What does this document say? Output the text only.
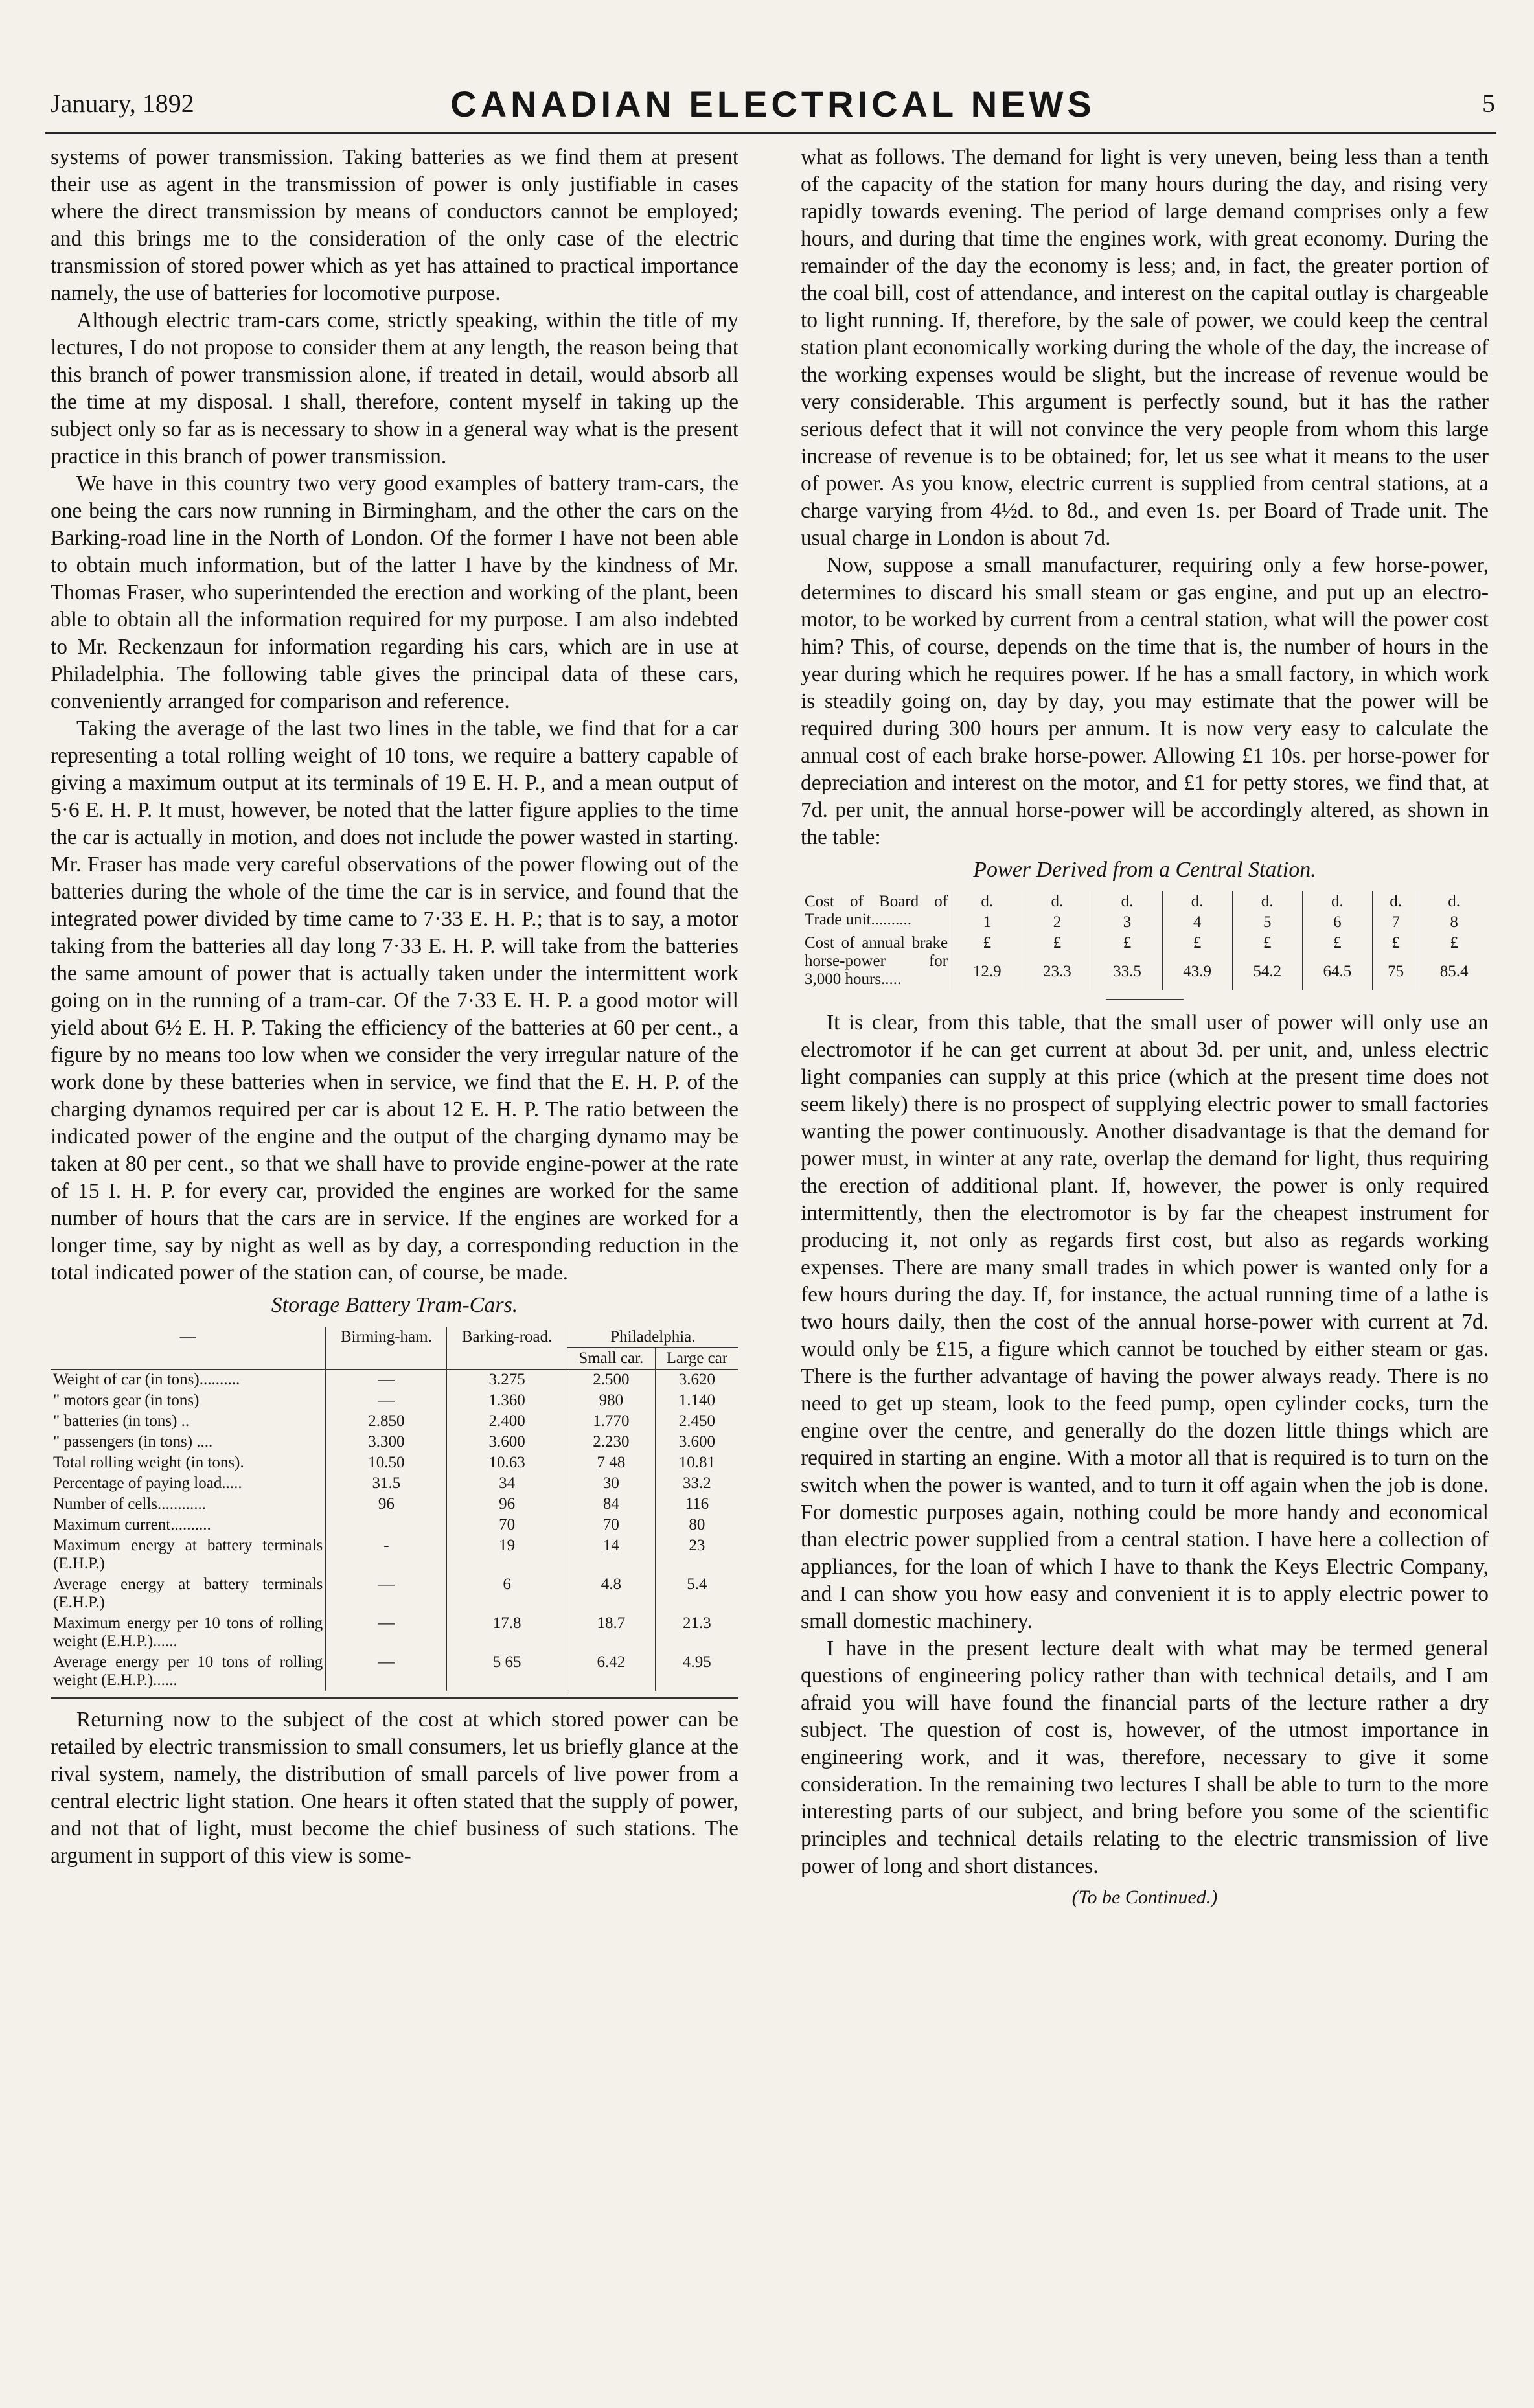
January, 1892	CANADIAN ELECTRICAL NEWS	5

systems of power transmission. Taking batteries as we find them at present their use as agent in the transmission of power is only justifiable in cases where the direct transmission by means of conductors cannot be employed; and this brings me to the consideration of the only case of the electric transmission of stored power which as yet has attained to practical importance namely, the use of batteries for locomotive purpose.

Although electric tram-cars come, strictly speaking, within the title of my lectures, I do not propose to consider them at any length, the reason being that this branch of power transmission alone, if treated in detail, would absorb all the time at my disposal. I shall, therefore, content myself in taking up the subject only so far as is necessary to show in a general way what is the present practice in this branch of power transmission.

We have in this country two very good examples of battery tram-cars, the one being the cars now running in Birmingham, and the other the cars on the Barking-road line in the North of London. Of the former I have not been able to obtain much information, but of the latter I have by the kindness of Mr. Thomas Fraser, who superintended the erection and working of the plant, been able to obtain all the information required for my purpose. I am also indebted to Mr. Reckenzaun for information regarding his cars, which are in use at Philadelphia. The following table gives the principal data of these cars, conveniently arranged for comparison and reference.

Taking the average of the last two lines in the table, we find that for a car representing a total rolling weight of 10 tons, we require a battery capable of giving a maximum output at its terminals of 19 E. H. P., and a mean output of 5·6 E. H. P. It must, however, be noted that the latter figure applies to the time the car is actually in motion, and does not include the power wasted in starting. Mr. Fraser has made very careful observations of the power flowing out of the batteries during the whole of the time the car is in service, and found that the integrated power divided by time came to 7·33 E. H. P.; that is to say, a motor taking from the batteries all day long 7·33 E. H. P. will take from the batteries the same amount of power that is actually taken under the intermittent work going on in the running of a tram-car. Of the 7·33 E. H. P. a good motor will yield about 6½ E. H. P. Taking the efficiency of the batteries at 60 per cent., a figure by no means too low when we consider the very irregular nature of the work done by these batteries when in service, we find that the E. H. P. of the charging dynamos required per car is about 12 E. H. P. The ratio between the indicated power of the engine and the output of the charging dynamo may be taken at 80 per cent., so that we shall have to provide engine-power at the rate of 15 I. H. P. for every car, provided the engines are worked for the same number of hours that the cars are in service. If the engines are worked for a longer time, say by night as well as by day, a corresponding reduction in the total indicated power of the station can, of course, be made.

Storage Battery Tram-Cars.
—	Birming-ham.	Barking-road.	Philadelphia.	
			Small car.	Large car
Weight of car (in tons)..........	—	3.275	2.500	3.620
" motors gear (in tons)	—	1.360	980	1.140
" batteries (in tons) ..	2.850	2.400	1.770	2.450
" passengers (in tons) ....	3.300	3.600	2.230	3.600
Total rolling weight (in tons).	10.50	10.63	7 48	10.81
Percentage of paying load.....	31.5	34	30	33.2
Number of cells............	96	96	84	116
Maximum current..........		70	70	80
Maximum energy at battery terminals (E.H.P.)	-	19	14	23
Average energy at battery terminals (E.H.P.)	—	6	4.8	5.4
Maximum energy per 10 tons of rolling weight (E.H.P.)......	—	17.8	18.7	21.3
Average energy per 10 tons of rolling weight (E.H.P.)......	—	5 65	6.42	4.95

Returning now to the subject of the cost at which stored power can be retailed by electric transmission to small consumers, let us briefly glance at the rival system, namely, the distribution of small parcels of live power from a central electric light station. One hears it often stated that the supply of power, and not that of light, must become the chief business of such stations. The argument in support of this view is some-

what as follows. The demand for light is very uneven, being less than a tenth of the capacity of the station for many hours during the day, and rising very rapidly towards evening. The period of large demand comprises only a few hours, and during that time the engines work, with great economy. During the remainder of the day the economy is less; and, in fact, the greater portion of the coal bill, cost of attendance, and interest on the capital outlay is chargeable to light running. If, therefore, by the sale of power, we could keep the central station plant economically working during the whole of the day, the increase of the working expenses would be slight, but the increase of revenue would be very considerable. This argument is perfectly sound, but it has the rather serious defect that it will not convince the very people from whom this large increase of revenue is to be obtained; for, let us see what it means to the user of power. As you know, electric current is supplied from central stations, at a charge varying from 4½d. to 8d., and even 1s. per Board of Trade unit. The usual charge in London is about 7d.

Now, suppose a small manufacturer, requiring only a few horse-power, determines to discard his small steam or gas engine, and put up an electro-motor, to be worked by current from a central station, what will the power cost him? This, of course, depends on the time that is, the number of hours in the year during which he requires power. If he has a small factory, in which work is steadily going on, day by day, you may estimate that the power will be required during 300 hours per annum. It is now very easy to calculate the annual cost of each brake horse-power. Allowing £1 10s. per horse-power for depreciation and interest on the motor, and £1 for petty stores, we find that, at 7d. per unit, the annual horse-power will be accordingly altered, as shown in the table:

Power Derived from a Central Station.
Cost of Board of Trade unit..........	d.	d.	d.	d.	d.	d.	d.	d.
	1	2	3	4	5	6	7	8
Cost of annual brake horse-power for 3,000 hours.....	£	£	£	£	£	£	£	£
	12.9	23.3	33.5	43.9	54.2	64.5	75	85.4

It is clear, from this table, that the small user of power will only use an electromotor if he can get current at about 3d. per unit, and, unless electric light companies can supply at this price (which at the present time does not seem likely) there is no prospect of supplying electric power to small factories wanting the power continuously. Another disadvantage is that the demand for power must, in winter at any rate, overlap the demand for light, thus requiring the erection of additional plant. If, however, the power is only required intermittently, then the electromotor is by far the cheapest instrument for producing it, not only as regards first cost, but also as regards working expenses. There are many small trades in which power is wanted only for a few hours during the day. If, for instance, the actual running time of a lathe is two hours daily, then the cost of the annual horse-power with current at 7d. would only be £15, a figure which cannot be touched by either steam or gas. There is the further advantage of having the power always ready. There is no need to get up steam, look to the feed pump, open cylinder cocks, turn the engine over the centre, and generally do the dozen little things which are required in starting an engine. With a motor all that is required is to turn on the switch when the power is wanted, and to turn it off again when the job is done. For domestic purposes again, nothing could be more handy and economical than electric power supplied from a central station. I have here a collection of appliances, for the loan of which I have to thank the Keys Electric Company, and I can show you how easy and convenient it is to apply electric power to small domestic machinery.

I have in the present lecture dealt with what may be termed general questions of engineering policy rather than with technical details, and I am afraid you will have found the financial parts of the lecture rather a dry subject. The question of cost is, however, of the utmost importance in engineering work, and it was, therefore, necessary to give it some consideration. In the remaining two lectures I shall be able to turn to the more interesting parts of our subject, and bring before you some of the scientific principles and technical details relating to the electric transmission of live power of long and short distances.

(To be Continued.)
